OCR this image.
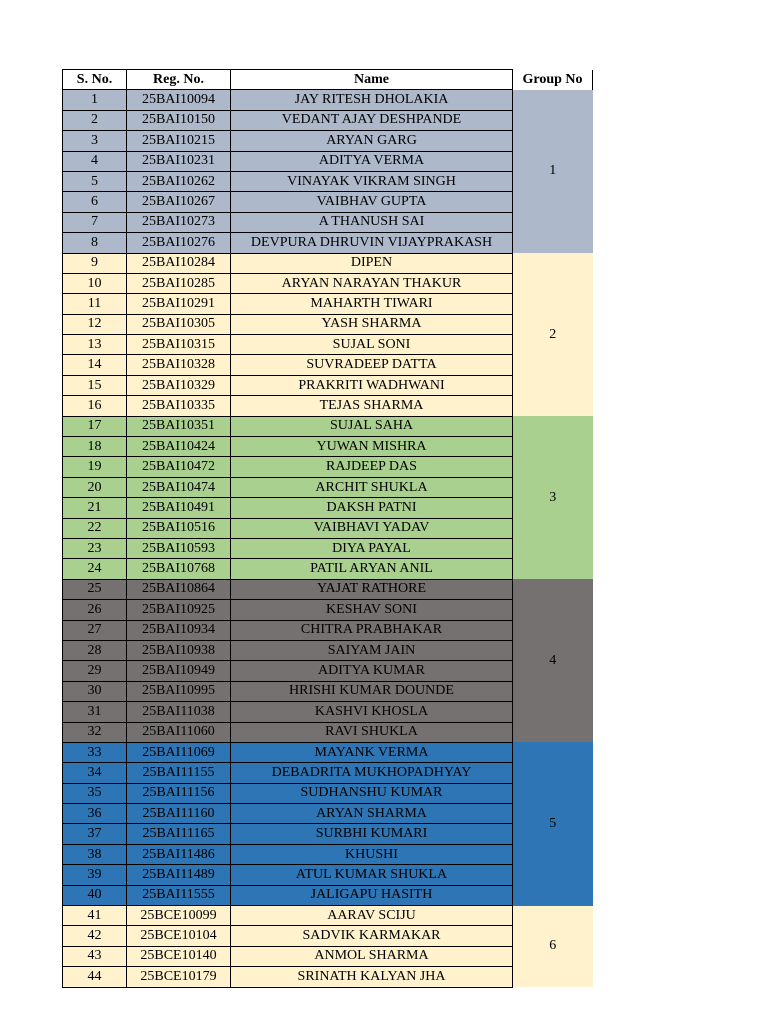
S. No.	Reg. No.	Name	Group No
1	25BAI10094	JAY RITESH DHOLAKIA	1
2	25BAI10150	VEDANT AJAY DESHPANDE	
3	25BAI10215	ARYAN GARG	
4	25BAI10231	ADITYA VERMA	
5	25BAI10262	VINAYAK VIKRAM SINGH	
6	25BAI10267	VAIBHAV GUPTA	
7	25BAI10273	A THANUSH SAI	
8	25BAI10276	DEVPURA DHRUVIN VIJAYPRAKASH	
9	25BAI10284	DIPEN	2
10	25BAI10285	ARYAN NARAYAN THAKUR	
11	25BAI10291	MAHARTH TIWARI	
12	25BAI10305	YASH SHARMA	
13	25BAI10315	SUJAL SONI	
14	25BAI10328	SUVRADEEP DATTA	
15	25BAI10329	PRAKRITI WADHWANI	
16	25BAI10335	TEJAS SHARMA	
17	25BAI10351	SUJAL SAHA	3
18	25BAI10424	YUWAN MISHRA	
19	25BAI10472	RAJDEEP DAS	
20	25BAI10474	ARCHIT SHUKLA	
21	25BAI10491	DAKSH PATNI	
22	25BAI10516	VAIBHAVI YADAV	
23	25BAI10593	DIYA PAYAL	
24	25BAI10768	PATIL ARYAN ANIL	
25	25BAI10864	YAJAT RATHORE	4
26	25BAI10925	KESHAV SONI	
27	25BAI10934	CHITRA PRABHAKAR	
28	25BAI10938	SAIYAM JAIN	
29	25BAI10949	ADITYA KUMAR	
30	25BAI10995	HRISHI KUMAR DOUNDE	
31	25BAI11038	KASHVI KHOSLA	
32	25BAI11060	RAVI SHUKLA	
33	25BAI11069	MAYANK VERMA	5
34	25BAI11155	DEBADRITA MUKHOPADHYAY	
35	25BAI11156	SUDHANSHU KUMAR	
36	25BAI11160	ARYAN SHARMA	
37	25BAI11165	SURBHI KUMARI	
38	25BAI11486	KHUSHI	
39	25BAI11489	ATUL KUMAR SHUKLA	
40	25BAI11555	JALIGAPU HASITH	
41	25BCE10099	AARAV SCIJU	6
42	25BCE10104	SADVIK KARMAKAR	
43	25BCE10140	ANMOL SHARMA	
44	25BCE10179	SRINATH KALYAN JHA	
